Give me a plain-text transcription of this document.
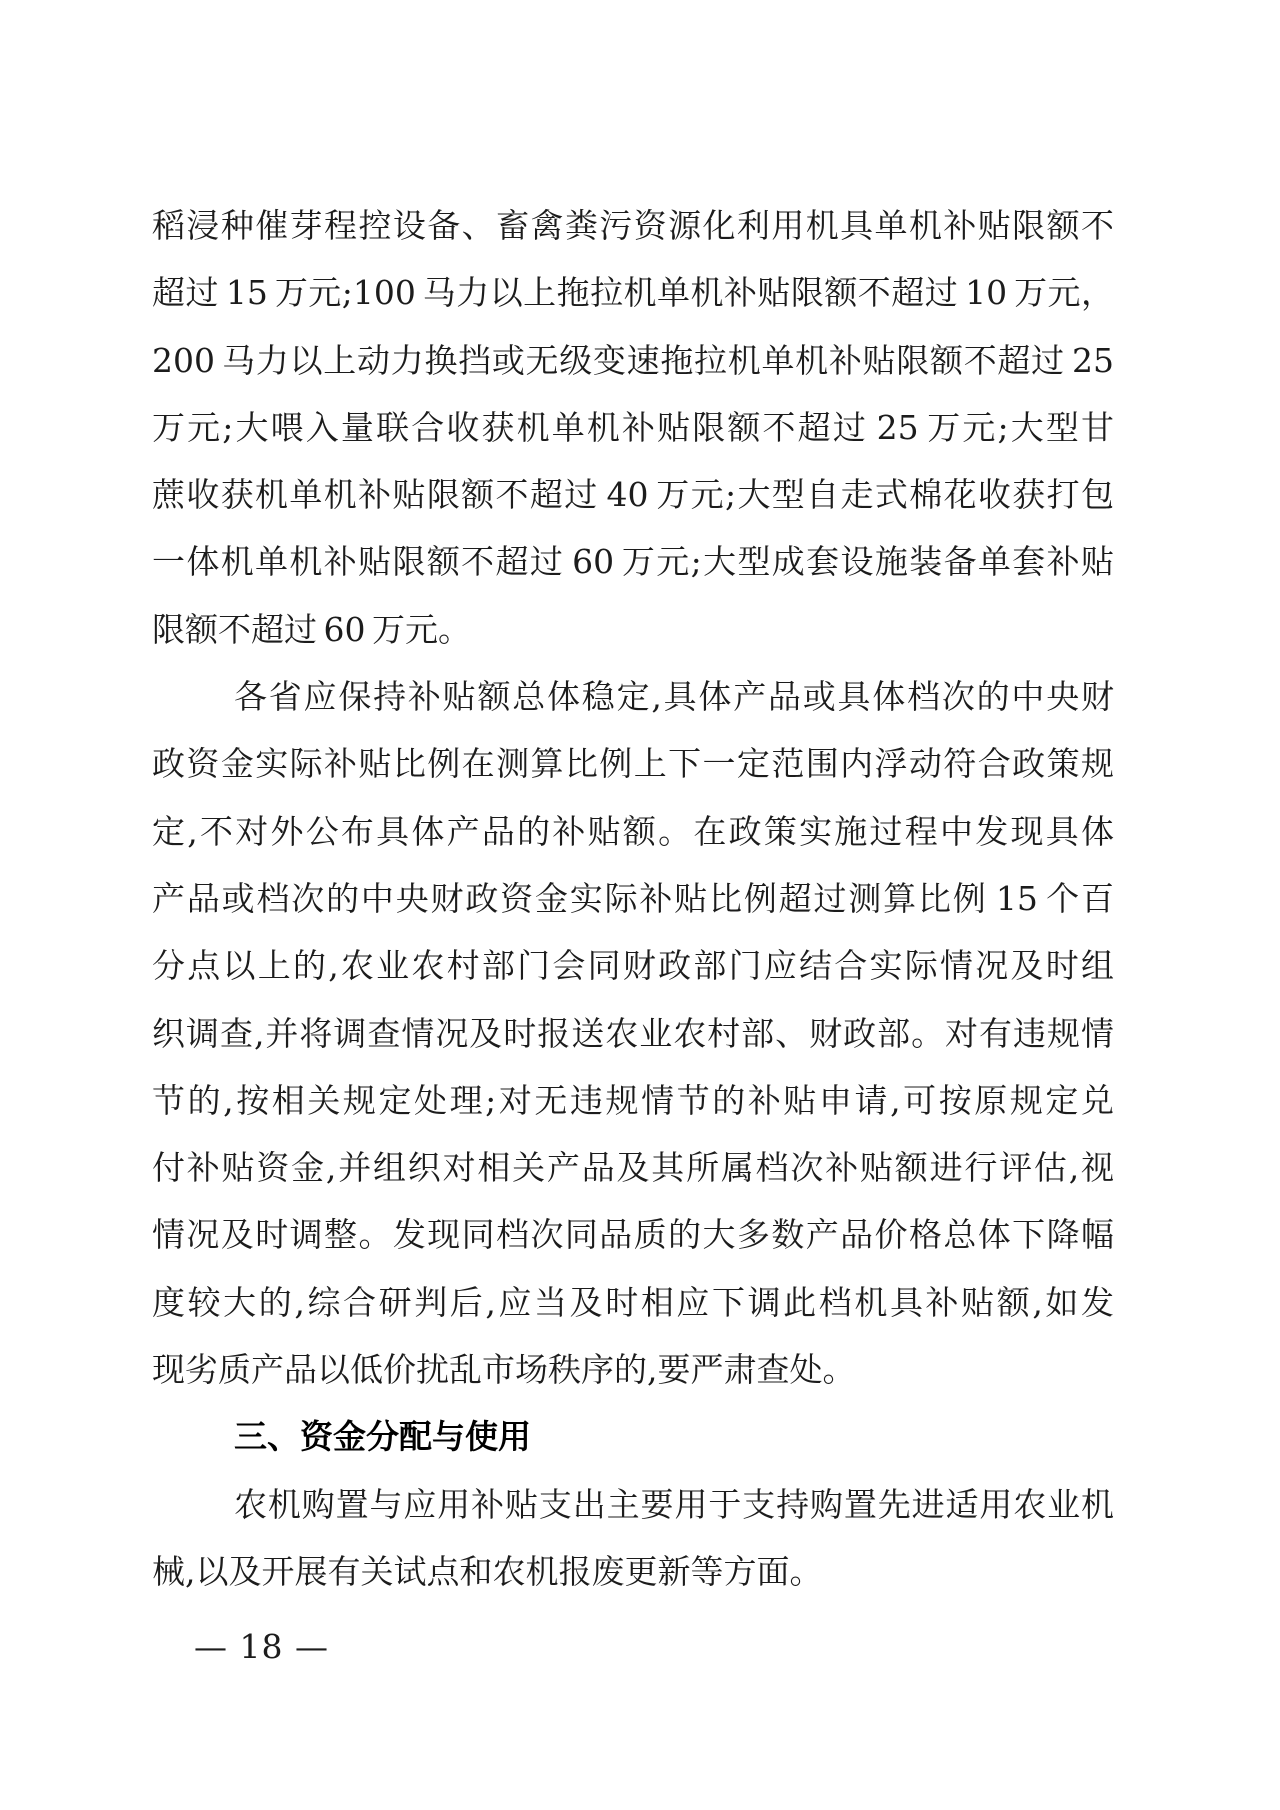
稻浸种催芽程控设备、畜禽粪污资源化利用机具单机补贴限额不
超过 15 万元;100 马力以上拖拉机单机补贴限额不超过 10 万元，
200 马力以上动力换挡或无级变速拖拉机单机补贴限额不超过 25
万元;大喂入量联合收获机单机补贴限额不超过 25 万元;大型甘
蔗收获机单机补贴限额不超过 40 万元;大型自走式棉花收获打包
一体机单机补贴限额不超过 60 万元;大型成套设施装备单套补贴
限额不超过 60 万元。
各省应保持补贴额总体稳定,具体产品或具体档次的中央财
政资金实际补贴比例在测算比例上下一定范围内浮动符合政策规
定,不对外公布具体产品的补贴额。在政策实施过程中发现具体
产品或档次的中央财政资金实际补贴比例超过测算比例 15 个百
分点以上的,农业农村部门会同财政部门应结合实际情况及时组
织调查,并将调查情况及时报送农业农村部、财政部。对有违规情
节的,按相关规定处理;对无违规情节的补贴申请,可按原规定兑
付补贴资金,并组织对相关产品及其所属档次补贴额进行评估,视
情况及时调整。发现同档次同品质的大多数产品价格总体下降幅
度较大的,综合研判后,应当及时相应下调此档机具补贴额,如发
现劣质产品以低价扰乱市场秩序的,要严肃查处。
三、资金分配与使用
农机购置与应用补贴支出主要用于支持购置先进适用农业机
械,以及开展有关试点和农机报废更新等方面。
— 18 —
